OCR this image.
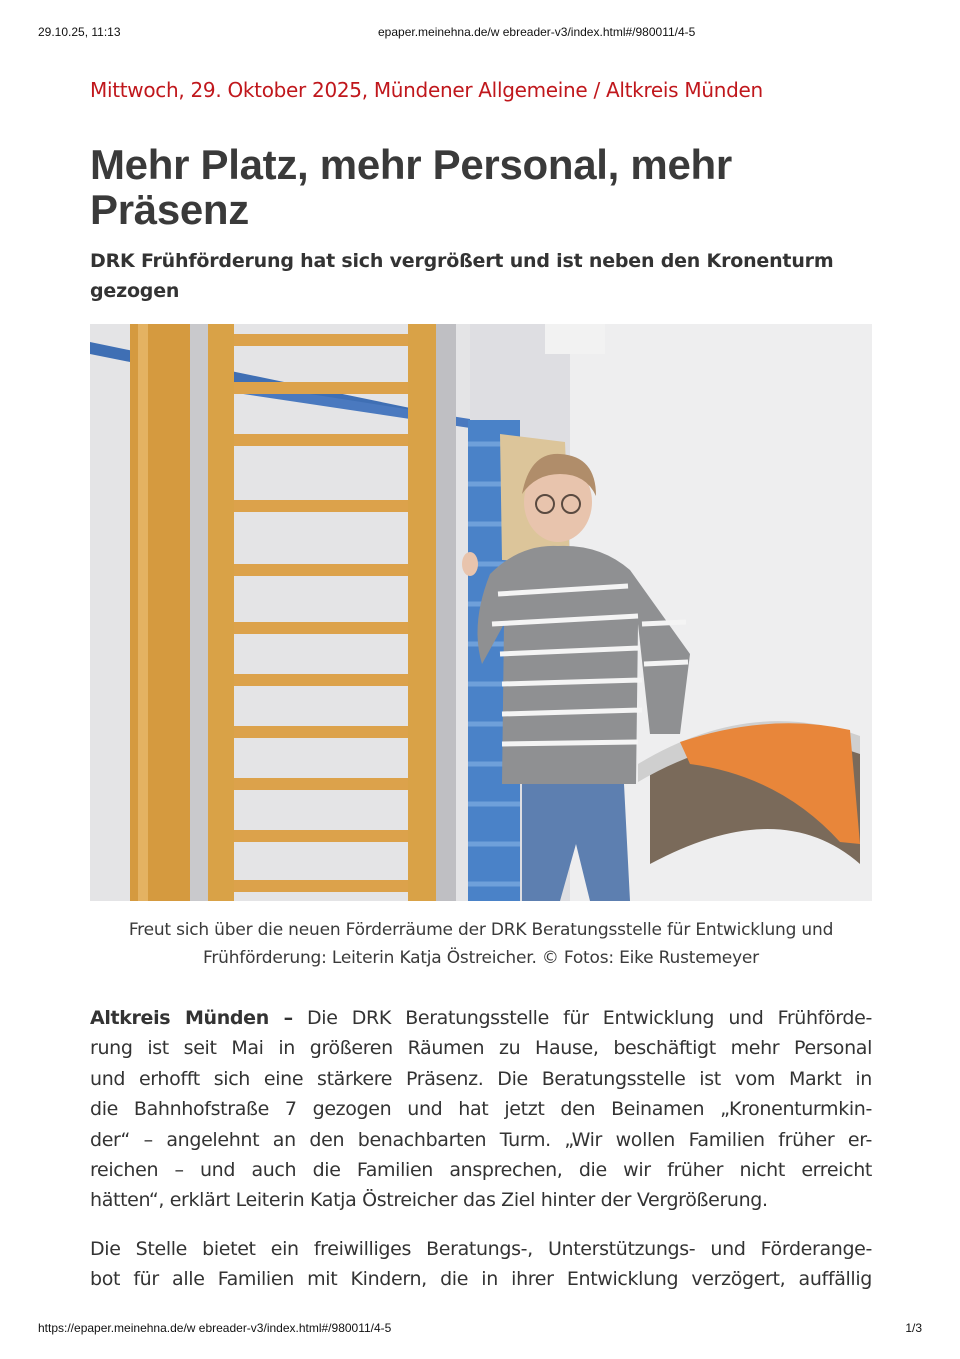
29.10.25, 11:13	epaper.meinehna.de/w ebreader-v3/index.html#/980011/4-5

Mittwoch, 29. Oktober 2025, Mündener Allgemeine / Altkreis Münden

Mehr Platz, mehr Personal, mehr Präsenz
DRK Frühförderung hat sich vergrößert und ist neben den Kronenturm gezogen
Freut sich über die neuen Förderräume der DRK Beratungsstelle für Entwicklung und Frühförderung: Leiterin Katja Östreicher. © Fotos: Eike Rustemeyer

Altkreis Münden – Die DRK Beratungsstelle für Entwicklung und Frühförde-
rung ist seit Mai in größeren Räumen zu Hause, beschäftigt mehr Personal
und erhofft sich eine stärkere Präsenz. Die Beratungsstelle ist vom Markt in
die Bahnhofstraße 7 gezogen und hat jetzt den Beinamen „Kronenturmkin-
der“ – angelehnt an den benachbarten Turm. „Wir wollen Familien früher er-
reichen – und auch die Familien ansprechen, die wir früher nicht erreicht
hätten“, erklärt Leiterin Katja Östreicher das Ziel hinter der Vergrößerung.

Die Stelle bietet ein freiwilliges Beratungs-, Unterstützungs- und Förderange-
bot für alle Familien mit Kindern, die in ihrer Entwicklung verzögert, auffällig

https://epaper.meinehna.de/w ebreader-v3/index.html#/980011/4-5	1/3
